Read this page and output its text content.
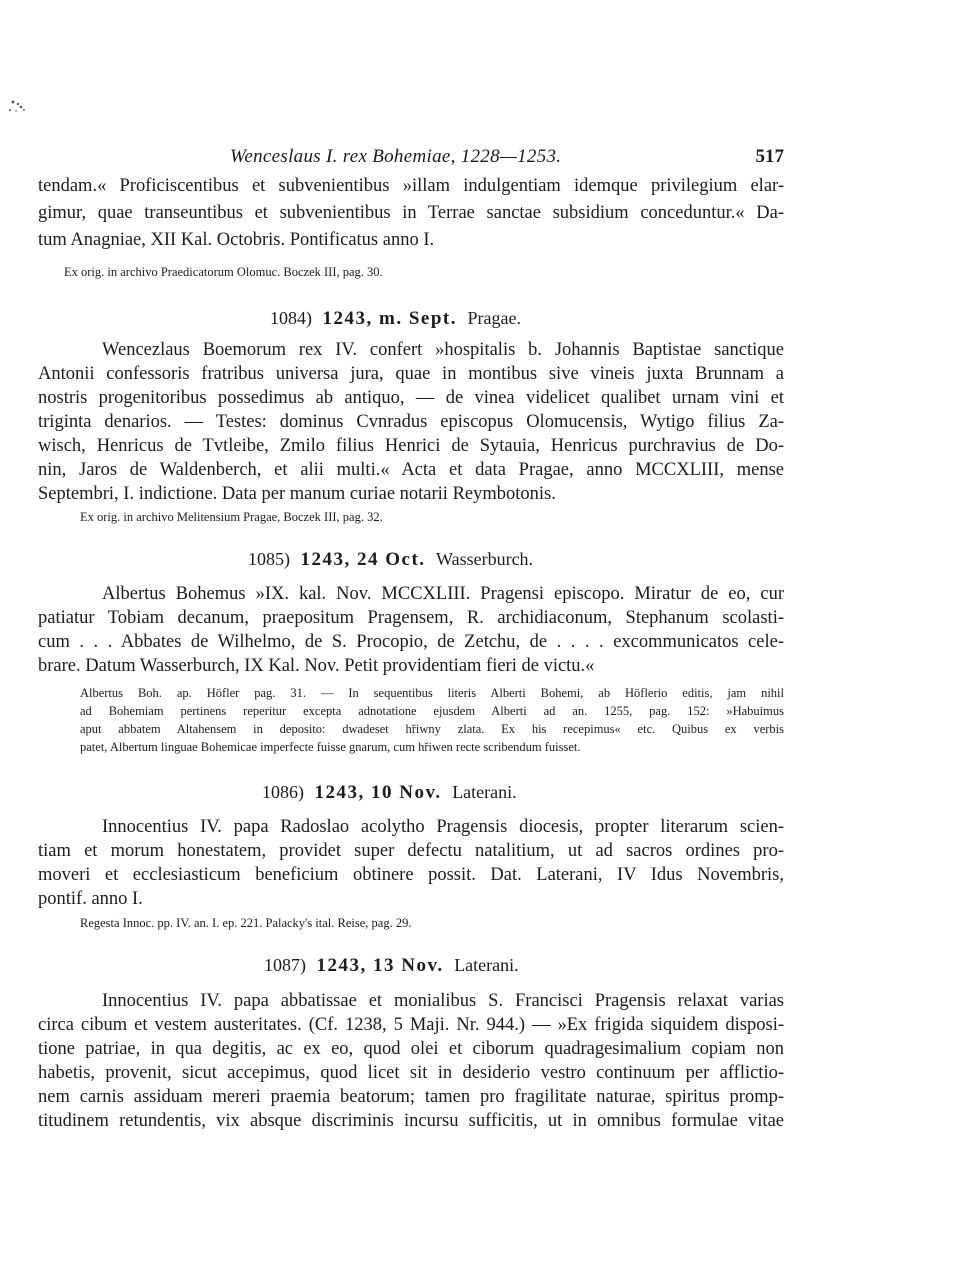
Wenceslaus I. rex Bohemiae, 1228—1253.	517
tendam.« Proficiscentibus et subvenientibus »illam indulgentiam idemque privilegium elar-
gimur, quae transeuntibus et subvenientibus in Terrae sanctae subsidium conceduntur.« Da-
tum Anagniae, XII Kal. Octobris. Pontificatus anno I.
Ex orig. in archivo Praedicatorum Olomuc. Boczek III, pag. 30.
1084) 1243, m. Sept. Pragae.
Wencezlaus Boemorum rex IV. confert »hospitalis b. Johannis Baptistae sanctique
Antonii confessoris fratribus universa jura, quae in montibus sive vineis juxta Brunnam a
nostris progenitoribus possedimus ab antiquo, — de vinea videlicet qualibet urnam vini et
triginta denarios. — Testes: dominus Cvnradus episcopus Olomucensis, Wytigo filius Za-
wisch, Henricus de Tvtleibe, Zmilo filius Henrici de Sytauia, Henricus purchravius de Do-
nin, Jaros de Waldenberch, et alii multi.« Acta et data Pragae, anno MCCXLIII, mense
Septembri, I. indictione. Data per manum curiae notarii Reymbotonis.
Ex orig. in archivo Melitensium Pragae, Boczek III, pag. 32.
1085) 1243, 24 Oct. Wasserburch.
Albertus Bohemus »IX. kal. Nov. MCCXLIII. Pragensi episcopo. Miratur de eo, cur
patiatur Tobiam decanum, praepositum Pragensem, R. archidiaconum, Stephanum scolasti-
cum . . . Abbates de Wilhelmo, de S. Procopio, de Zetchu, de . . . . excommunicatos cele-
brare. Datum Wasserburch, IX Kal. Nov. Petit providentiam fieri de victu.«
Albertus Boh. ap. Höfler pag. 31. — In sequentibus literis Alberti Bohemi, ab Höflerio editis, jam nihil
ad Bohemiam pertinens reperitur excepta adnotatione ejusdem Alberti ad an. 1255, pag. 152: »Habuimus
aput abbatem Altahensem in deposito: dwadeset hřiwny zlata. Ex his recepimus« etc. Quibus ex verbis
patet, Albertum linguae Bohemicae imperfecte fuisse gnarum, cum hřiwen recte scribendum fuisset.
1086) 1243, 10 Nov. Laterani.
Innocentius IV. papa Radoslao acolytho Pragensis diocesis, propter literarum scien-
tiam et morum honestatem, providet super defectu natalitium, ut ad sacros ordines pro-
moveri et ecclesiasticum beneficium obtinere possit. Dat. Laterani, IV Idus Novembris,
pontif. anno I.
Regesta Innoc. pp. IV. an. I. ep. 221. Palacky's ital. Reise, pag. 29.
1087) 1243, 13 Nov. Laterani.
Innocentius IV. papa abbatissae et monialibus S. Francisci Pragensis relaxat varias
circa cibum et vestem austeritates. (Cf. 1238, 5 Maji. Nr. 944.) — »Ex frigida siquidem disposi-
tione patriae, in qua degitis, ac ex eo, quod olei et ciborum quadragesimalium copiam non
habetis, provenit, sicut accepimus, quod licet sit in desiderio vestro continuum per afflictio-
nem carnis assiduam mereri praemia beatorum; tamen pro fragilitate naturae, spiritus promp-
titudinem retundentis, vix absque discriminis incursu sufficitis, ut in omnibus formulae vitae
